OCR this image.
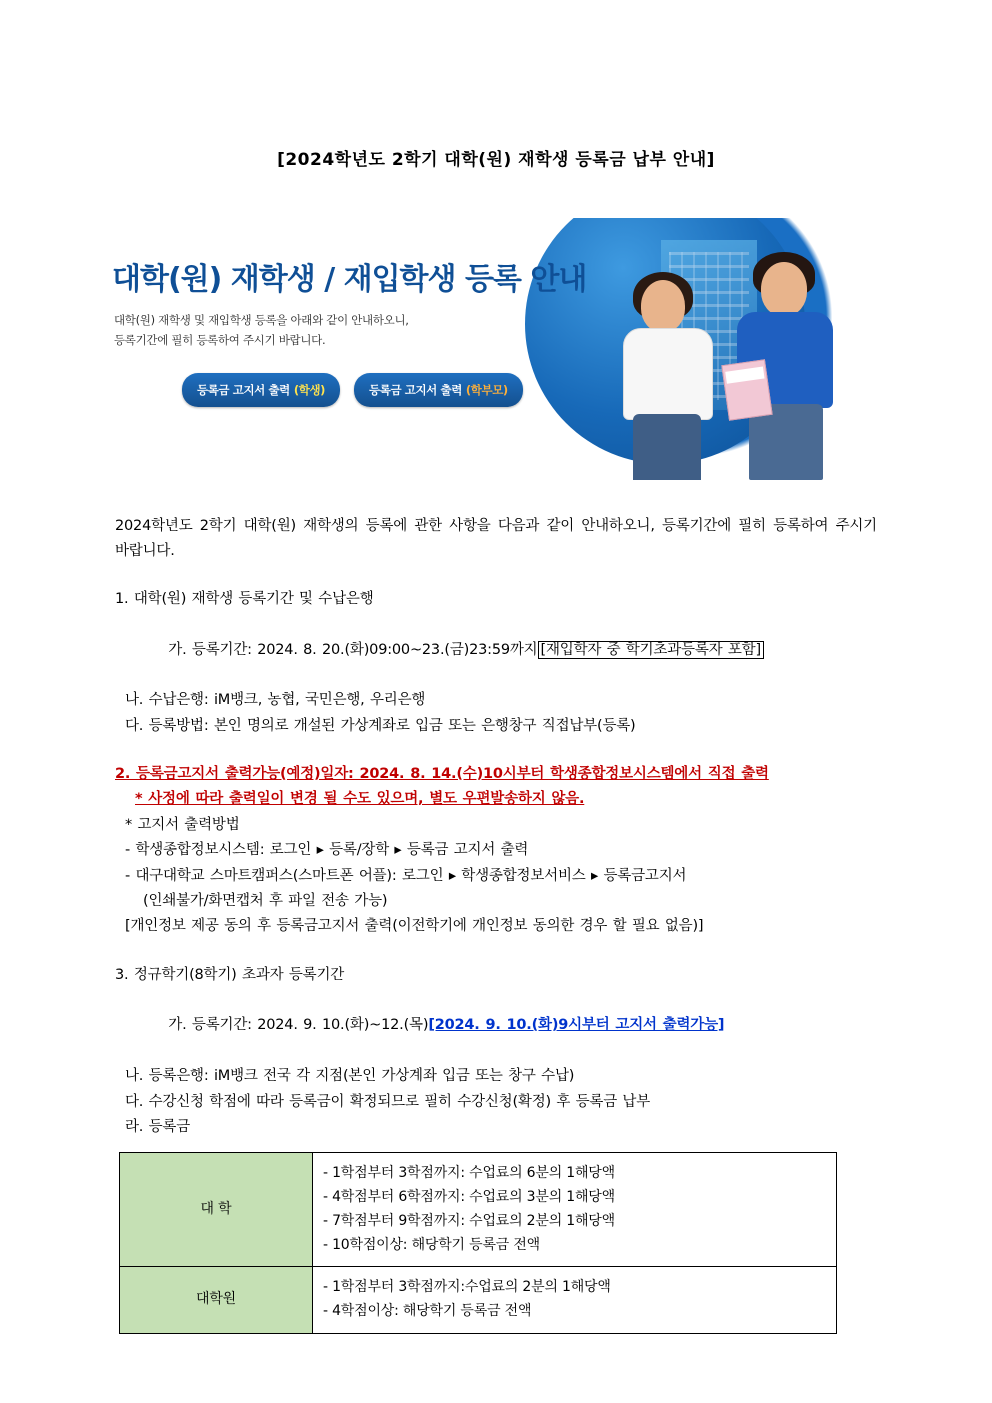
[2024학년도 2학기 대학(원) 재학생 등록금 납부 안내]
대학(원) 재학생 / 재입학생 등록 안내
대학(원) 재학생 및 재입학생 등록을 아래와 같이 안내하오니,
등록기간에 필히 등록하여 주시기 바랍니다.
등록금 고지서 출력 (학생)	등록금 고지서 출력 (학부모)

2024학년도 2학기 대학(원) 재학생의 등록에 관한 사항을 다음과 같이 안내하오니, 등록기간에 필히 등록하여 주시기 바랍니다.

1. 대학(원) 재학생 등록기간 및 수납은행

가. 등록기간: 2024. 8. 20.(화)09:00~23.(금)23:59까지 [재입학자 중 학기초과등록자 포함]

나. 수납은행: iM뱅크, 농협, 국민은행, 우리은행
다. 등록방법: 본인 명의로 개설된 가상계좌로 입금 또는 은행창구 직접납부(등록)
2. 등록금고지서 출력가능(예정)일자: 2024. 8. 14.(수)10시부터 학생종합정보시스템에서 직접 출력
* 사정에 따라 출력일이 변경 될 수도 있으며, 별도 우편발송하지 않음.
* 고지서 출력방법
- 학생종합정보시스템: 로그인 ▸ 등록/장학 ▸ 등록금 고지서 출력
- 대구대학교 스마트캠퍼스(스마트폰 어플): 로그인 ▸ 학생종합정보서비스 ▸ 등록금고지서
(인쇄불가/화면캡처 후 파일 전송 가능)
[개인정보 제공 동의 후 등록금고지서 출력(이전학기에 개인정보 동의한 경우 할 필요 없음)]
3. 정규학기(8학기) 초과자 등록기간

가. 등록기간: 2024. 9. 10.(화)~12.(목)[2024. 9. 10.(화)9시부터 고지서 출력가능]

나. 등록은행: iM뱅크 전국 각 지점(본인 가상계좌 입금 또는 창구 수납)
다. 수강신청 학점에 따라 등록금이 확정되므로 필히 수강신청(확정) 후 등록금 납부
라. 등록금
대 학	- 1학점부터 3학점까지: 수업료의 6분의 1해당액
- 4학점부터 6학점까지: 수업료의 3분의 1해당액
- 7학점부터 9학점까지: 수업료의 2분의 1해당액
- 10학점이상: 해당학기 등록금 전액

대학원	- 1학점부터 3학점까지:수업료의 2분의 1해당액
- 4학점이상: 해당학기 등록금 전액
